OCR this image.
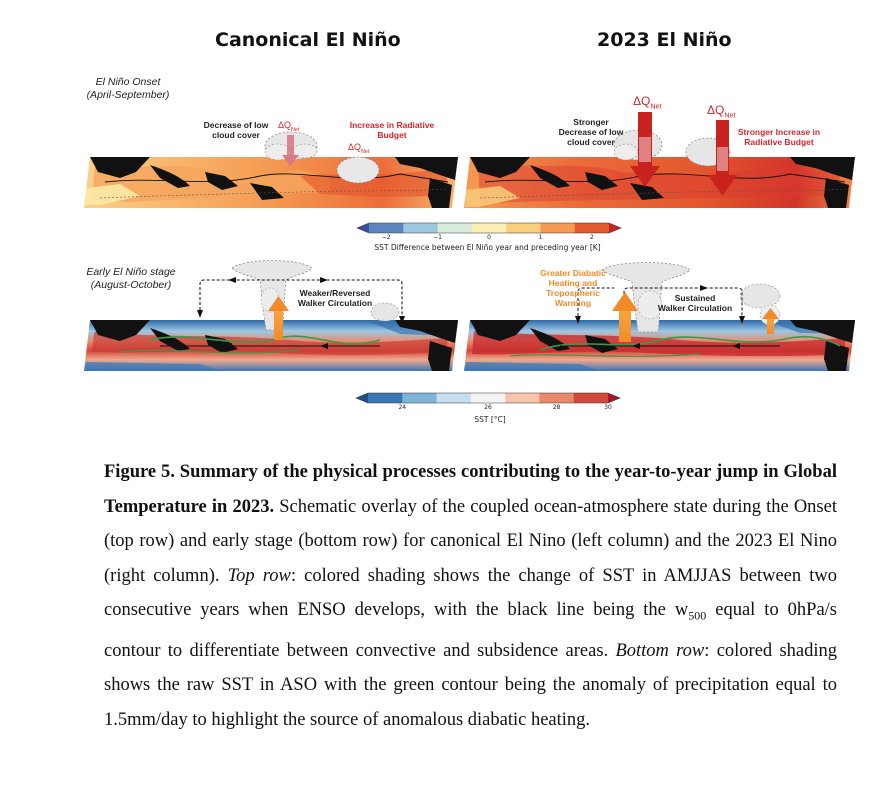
Canonical El Niño	2023 El Niño
El Niño Onset
(April-September)
Early El Niño stage
(August-October)
Decrease of low
cloud cover
$\Delta Q_{Net}$	Increase in Radiative
Budget
$\Delta Q_{Net}$
Stronger
Decrease of low
cloud cover
$\Delta Q_{Net}$	$\Delta Q_{Net}$
Stronger Increase in
Radiative Budget
Weaker/Reversed
Walker Circulation
Greater Diabatic
Heating and
Tropospheric
Warming	Sustained
Walker Circulation
SST Difference between El Niño year and preceding year [K]
−2	−1	0	1	2
SST [°C]
24	26	28	30
Figure 5. Summary of the physical processes contributing to the year-to-year jump in Global Temperature in 2023. Schematic overlay of the coupled ocean-atmosphere state during the Onset (top row) and early stage (bottom row) for canonical El Nino (left column) and the 2023 El Nino (right column). Top row: colored shading shows the change of SST in AMJJAS between two consecutive years when ENSO develops, with the black line being the $w_{500}$ equal to 0hPa/s contour to differentiate between convective and subsidence areas. Bottom row: colored shading shows the raw SST in ASO with the green contour being the anomaly of precipitation equal to 1.5mm/day to highlight the source of anomalous diabatic heating.
